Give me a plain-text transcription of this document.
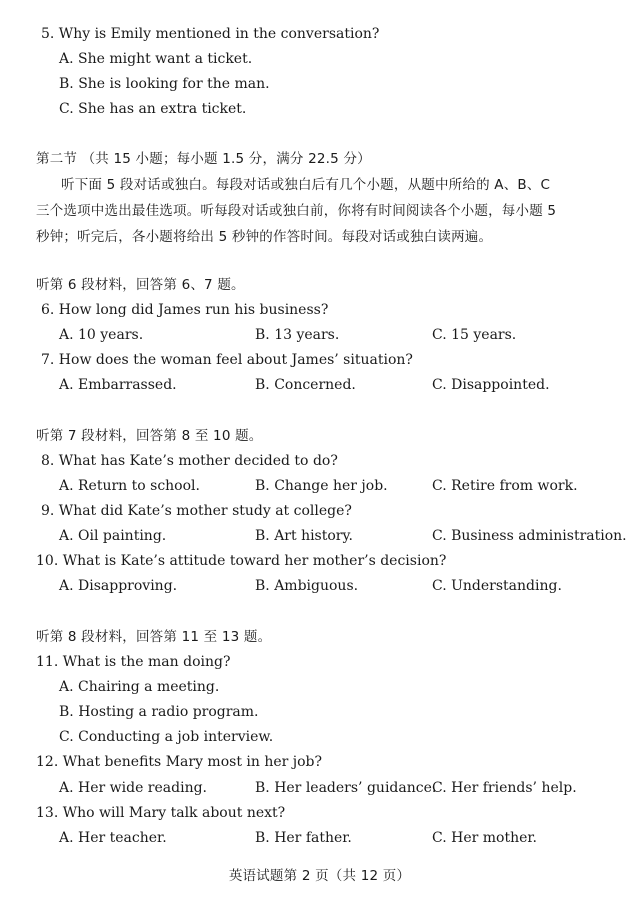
5. Why is Emily mentioned in the conversation?
A. She might want a ticket.
B. She is looking for the man.
C. She has an extra ticket.
第二节 （共 15 小题；每小题 1.5 分，满分 22.5 分）
听下面 5 段对话或独白。每段对话或独白后有几个小题，从题中所给的 A、B、C
三个选项中选出最佳选项。听每段对话或独白前，你将有时间阅读各个小题，每小题 5
秒钟；听完后，各小题将给出 5 秒钟的作答时间。每段对话或独白读两遍。
听第 6 段材料，回答第 6、7 题。
6. How long did James run his business?
A. 10 years.	B. 13 years.	C. 15 years.
7. How does the woman feel about James’ situation?
A. Embarrassed.	B. Concerned.	C. Disappointed.
听第 7 段材料，回答第 8 至 10 题。
8. What has Kate’s mother decided to do?
A. Return to school.	B. Change her job.	C. Retire from work.
9. What did Kate’s mother study at college?
A. Oil painting.	B. Art history.	C. Business administration.
10. What is Kate’s attitude toward her mother’s decision?
A. Disapproving.	B. Ambiguous.	C. Understanding.
听第 8 段材料，回答第 11 至 13 题。
11. What is the man doing?
A. Chairing a meeting.
B. Hosting a radio program.
C. Conducting a job interview.
12. What benefits Mary most in her job?
A. Her wide reading.	B. Her leaders’ guidance.
C. Her friends’ help.
13. Who will Mary talk about next?
A. Her teacher.	B. Her father.	C. Her mother.
英语试题第 2 页（共 12 页）
